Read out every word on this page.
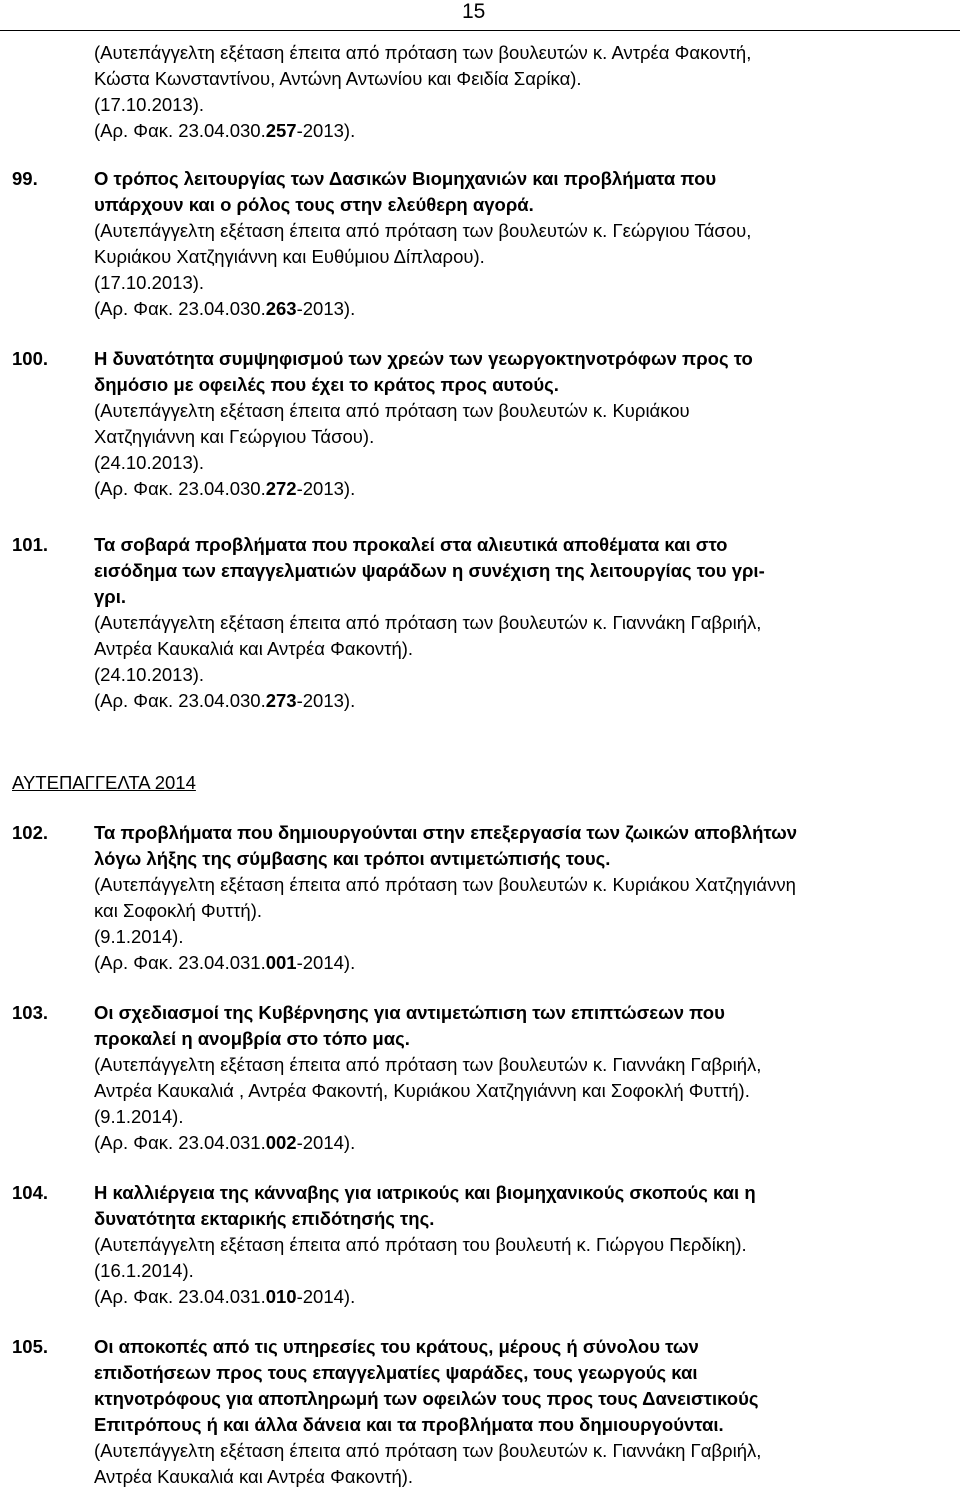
15
(Αυτεπάγγελτη εξέταση έπειτα από πρόταση των βουλευτών κ. Αντρέα Φακοντή,
Κώστα Κωνσταντίνου, Αντώνη Αντωνίου και Φειδία Σαρίκα).
(17.10.2013).
(Αρ. Φακ. 23.04.030.257-2013).
99.	Ο τρόπος λειτουργίας των Δασικών Βιομηχανιών και προβλήματα που
υπάρχουν και ο ρόλος τους στην ελεύθερη αγορά.
(Αυτεπάγγελτη εξέταση έπειτα από πρόταση των βουλευτών κ. Γεώργιου Τάσου,
Κυριάκου Χατζηγιάννη και Ευθύμιου Δίπλαρου).
(17.10.2013).
(Αρ. Φακ. 23.04.030.263-2013).
100. Η δυνατότητα συμψηφισμού των χρεών των γεωργοκτηνοτρόφων προς το
δημόσιο με οφειλές που έχει το κράτος προς αυτούς.
(Αυτεπάγγελτη εξέταση έπειτα από πρόταση των βουλευτών κ. Κυριάκου
Χατζηγιάννη και Γεώργιου Τάσου).
(24.10.2013).
(Αρ. Φακ. 23.04.030.272-2013).
101. Τα σοβαρά προβλήματα που προκαλεί στα αλιευτικά αποθέματα και στο
εισόδημα των επαγγελματιών ψαράδων η συνέχιση της λειτουργίας του γρι-
γρι.
(Αυτεπάγγελτη εξέταση έπειτα από πρόταση των βουλευτών κ. Γιαννάκη Γαβριήλ,
Αντρέα Καυκαλιά και Αντρέα Φακοντή).
(24.10.2013).
(Αρ. Φακ. 23.04.030.273-2013).
ΑΥΤΕΠΑΓΓΕΛΤΑ 2014
102. Τα προβλήματα που δημιουργούνται στην επεξεργασία των ζωικών αποβλήτων
λόγω λήξης της σύμβασης και τρόποι αντιμετώπισής τους.
(Αυτεπάγγελτη εξέταση έπειτα από πρόταση των βουλευτών κ. Κυριάκου Χατζηγιάννη
και Σοφοκλή Φυττή).
(9.1.2014).
(Αρ. Φακ. 23.04.031.001-2014).
103. Οι σχεδιασμοί της Κυβέρνησης για αντιμετώπιση των επιπτώσεων που
προκαλεί η ανομβρία στο τόπο μας.
(Αυτεπάγγελτη εξέταση έπειτα από πρόταση των βουλευτών κ. Γιαννάκη Γαβριήλ,
Αντρέα Καυκαλιά , Αντρέα Φακοντή, Κυριάκου Χατζηγιάννη και Σοφοκλή Φυττή).
(9.1.2014).
(Αρ. Φακ. 23.04.031.002-2014).
104. Η καλλιέργεια της κάνναβης για ιατρικούς και βιομηχανικούς σκοπούς και η
δυνατότητα εκταρικής επιδότησής της.
(Αυτεπάγγελτη εξέταση έπειτα από πρόταση του βουλευτή κ. Γιώργου Περδίκη).
(16.1.2014).
(Αρ. Φακ. 23.04.031.010-2014).
105. Οι αποκοπές από τις υπηρεσίες του κράτους, μέρους ή σύνολου των
επιδοτήσεων προς τους επαγγελματίες ψαράδες, τους γεωργούς και
κτηνοτρόφους για αποπληρωμή των οφειλών τους προς τους Δανειστικούς
Επιτρόπους ή και άλλα δάνεια και τα προβλήματα που δημιουργούνται.
(Αυτεπάγγελτη εξέταση έπειτα από πρόταση των βουλευτών κ. Γιαννάκη Γαβριήλ,
Αντρέα Καυκαλιά και Αντρέα Φακοντή).
